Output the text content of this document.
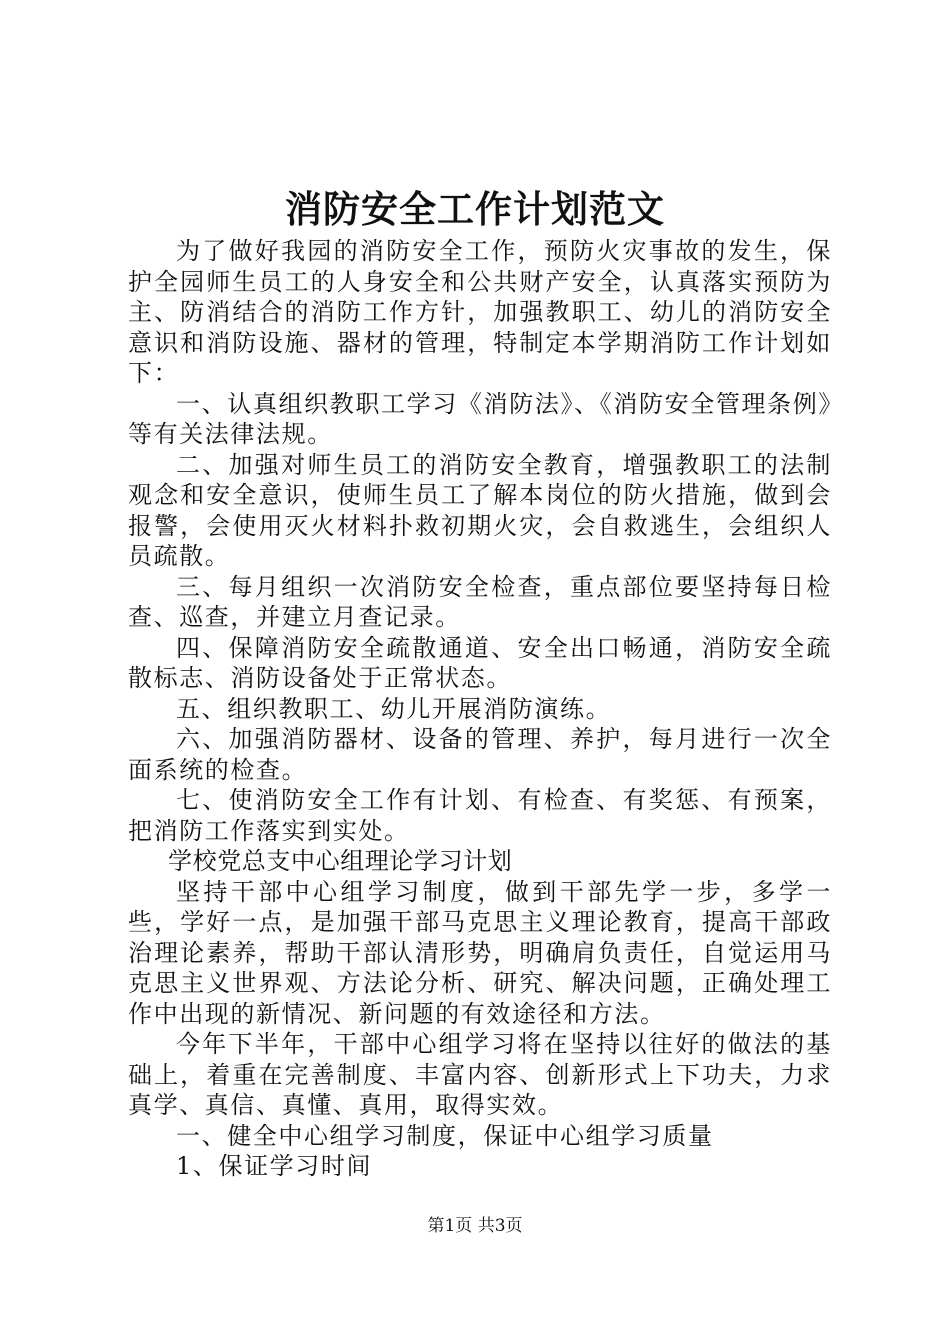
消防安全工作计划范文

为了做好我园的消防安全工作，预防火灾事故的发生，保护全园师生员工的人身安全和公共财产安全，认真落实预防为主、防消结合的消防工作方针，加强教职工、幼儿的消防安全意识和消防设施、器材的管理，特制定本学期消防工作计划如下：

一、认真组织教职工学习《消防法》、《消防安全管理条例》等有关法律法规。

二、加强对师生员工的消防安全教育，增强教职工的法制观念和安全意识，使师生员工了解本岗位的防火措施，做到会报警，会使用灭火材料扑救初期火灾，会自救逃生，会组织人员疏散。

三、每月组织一次消防安全检查，重点部位要坚持每日检查、巡查，并建立月查记录。

四、保障消防安全疏散通道、安全出口畅通，消防安全疏散标志、消防设备处于正常状态。

五、组织教职工、幼儿开展消防演练。

六、加强消防器材、设备的管理、养护，每月进行一次全面系统的检查。

七、使消防安全工作有计划、有检查、有奖惩、有预案，把消防工作落实到实处。

学校党总支中心组理论学习计划

坚持干部中心组学习制度，做到干部先学一步，多学一些，学好一点，是加强干部马克思主义理论教育，提高干部政治理论素养，帮助干部认清形势，明确肩负责任，自觉运用马克思主义世界观、方法论分析、研究、解决问题，正确处理工作中出现的新情况、新问题的有效途径和方法。

今年下半年，干部中心组学习将在坚持以往好的做法的基础上，着重在完善制度、丰富内容、创新形式上下功夫，力求真学、真信、真懂、真用，取得实效。

一、健全中心组学习制度，保证中心组学习质量

1、保证学习时间

第1页 共3页
